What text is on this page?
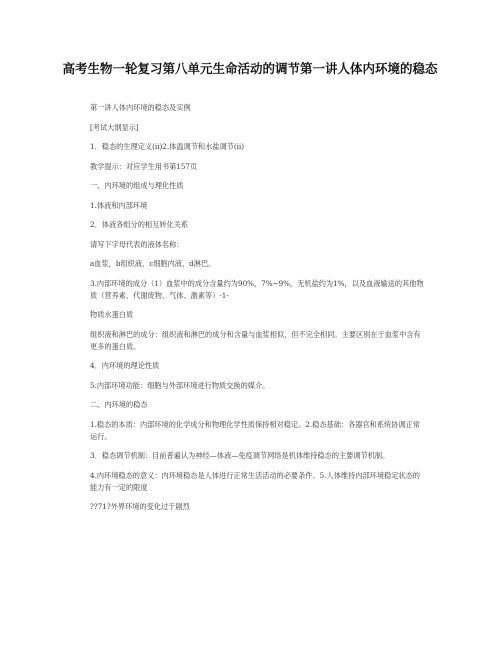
高考生物一轮复习第八单元生命活动的调节第一讲人体内环境的稳态

第一讲人体内环境的稳态及实例

[考试大纲显示]

1．稳态的生理定义(ⅱ)2.体温调节和水盐调节(ⅱ)

教学提示：对应学生用书第157页

一、内环境的组成与理化性质

1.体液和内部环境

2．体液各组分的相互转化关系

请写下字母代表的液体名称：

a血浆，b组织液，c细胞内液，d淋巴。

3.内部环境的成分（1）血浆中的成分含量约为90%，7%~9%，无机盐约为1%，以及血液输送的其他物质（营养素、代谢废物、气体、激素等）-1-

物质水蛋白质

组织液和淋巴的成分：组织液和淋巴的成分和含量与血浆相似，但不完全相同。主要区别在于血浆中含有更多的蛋白质。

4．内环境的理论性质

5.内部环境功能：细胞与外部环境进行物质交换的媒介。

二、内环境的稳态

1.稳态的本质：内部环境的化学成分和物理化学性质保持相对稳定。2.稳态基础：各器官和系统协调正常运行。

3．稳态调节机制：目前普遍认为神经—体液—免疫调节网络是机体维持稳态的主要调节机制。

4.内环境稳态的意义：内环境稳态是人体进行正常生活活动的必要条件。5.人体维持内部环境稳定状态的能力有一定的限度

??71?外界环境的变化过于剧烈
